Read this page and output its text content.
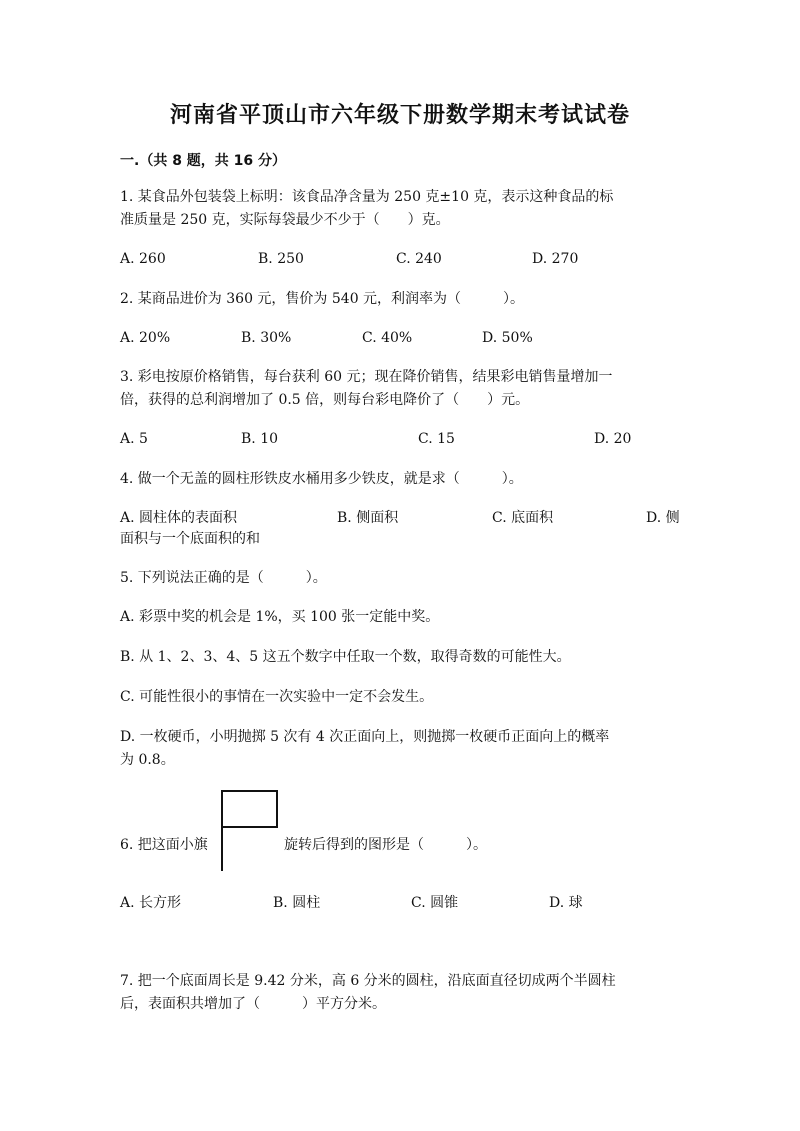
河南省平顶山市六年级下册数学期末考试试卷
一.（共 8 题，共 16 分）
1. 某食品外包装袋上标明：该食品净含量为 250 克±10 克，表示这种食品的标
准质量是 250 克，实际每袋最少不少于（　　）克。
A. 260	B. 250	C. 240	D. 270
2. 某商品进价为 360 元，售价为 540 元，利润率为（　　　）。
A. 20%	B. 30%	C. 40%	D. 50%
3. 彩电按原价格销售，每台获利 60 元；现在降价销售，结果彩电销售量增加一
倍，获得的总利润增加了 0.5 倍，则每台彩电降价了（　　）元。
A. 5	B. 10	C. 15	D. 20
4. 做一个无盖的圆柱形铁皮水桶用多少铁皮，就是求（　　　）。
A. 圆柱体的表面积	B. 侧面积	C. 底面积	D. 侧
面积与一个底面积的和
5. 下列说法正确的是（　　　）。
A. 彩票中奖的机会是 1%，买 100 张一定能中奖。
B. 从 1、2、3、4、5 这五个数字中任取一个数，取得奇数的可能性大。
C. 可能性很小的事情在一次实验中一定不会发生。
D. 一枚硬币，小明抛掷 5 次有 4 次正面向上，则抛掷一枚硬币正面向上的概率
为 0.8。
6. 把这面小旗	旋转后得到的图形是（　　　）。
A. 长方形	B. 圆柱	C. 圆锥	D. 球
7. 把一个底面周长是 9.42 分米，高 6 分米的圆柱，沿底面直径切成两个半圆柱
后，表面积共增加了（　　　）平方分米。
